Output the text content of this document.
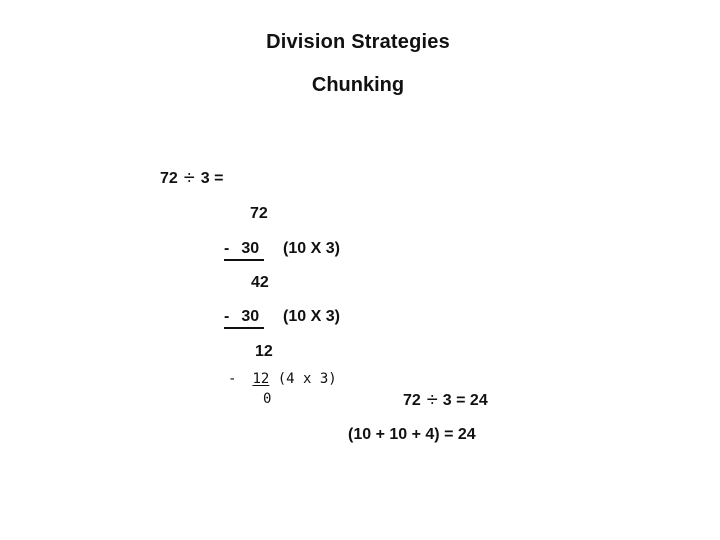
Division Strategies
Chunking
72 ÷ 3 =
72
- 30	(10 X 3)
42
- 30	(10 X 3)
12
- 12 (4 x 3)
0	72 ÷ 3 = 24
(10 + 10 + 4) = 24
